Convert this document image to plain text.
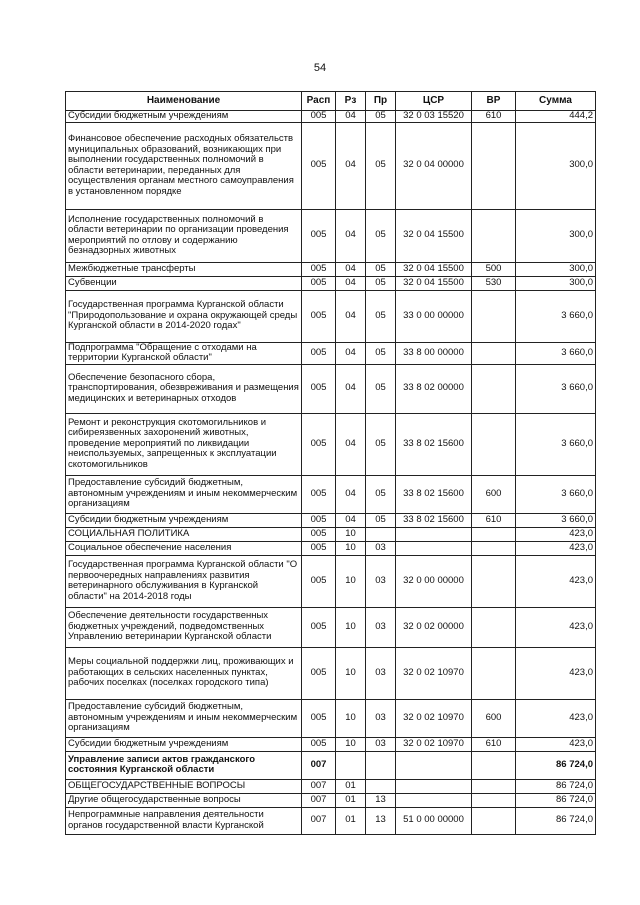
54
Наименование	Расп	Рз	Пр	ЦСР	ВР	Сумма
Субсидии бюджетным учреждениям	005	04	05	32 0 03 15520	610	444,2
Финансовое обеспечение расходных обязательств муниципальных образований, возникающих при выполнении государственных полномочий в области ветеринарии, переданных для осуществления органам местного самоуправления в установленном порядке	005	04	05	32 0 04 00000		300,0
Исполнение государственных полномочий в области ветеринарии по организации проведения мероприятий по отлову и содержанию безнадзорных животных	005	04	05	32 0 04 15500		300,0
Межбюджетные трансферты	005	04	05	32 0 04 15500	500	300,0
Субвенции	005	04	05	32 0 04 15500	530	300,0
Государственная программа Курганской области "Природопользование и охрана окружающей среды Курганской области в 2014-2020 годах"	005	04	05	33 0 00 00000		3 660,0
Подпрограмма "Обращение с отходами на территории Курганской области"	005	04	05	33 8 00 00000		3 660,0
Обеспечение безопасного сбора, транспортирования, обезвреживания и размещения медицинских и ветеринарных отходов	005	04	05	33 8 02 00000		3 660,0
Ремонт и реконструкция скотомогильников и сибиреязвенных захоронений животных, проведение мероприятий по ликвидации неиспользуемых, запрещенных к эксплуатации скотомогильников	005	04	05	33 8 02 15600		3 660,0
Предоставление субсидий бюджетным, автономным учреждениям и иным некоммерческим организациям	005	04	05	33 8 02 15600	600	3 660,0
Субсидии бюджетным учреждениям	005	04	05	33 8 02 15600	610	3 660,0
СОЦИАЛЬНАЯ ПОЛИТИКА	005	10				423,0
Социальное обеспечение населения	005	10	03			423,0
Государственная программа Курганской области "О первоочередных направлениях развития ветеринарного обслуживания в Курганской области" на 2014-2018 годы	005	10	03	32 0 00 00000		423,0
Обеспечение деятельности государственных бюджетных учреждений, подведомственных Управлению ветеринарии Курганской области	005	10	03	32 0 02 00000		423,0
Меры социальной поддержки лиц, проживающих и работающих в сельских населенных пунктах, рабочих поселках (поселках городского типа)	005	10	03	32 0 02 10970		423,0
Предоставление субсидий бюджетным, автономным учреждениям и иным некоммерческим организациям	005	10	03	32 0 02 10970	600	423,0
Субсидии бюджетным учреждениям	005	10	03	32 0 02 10970	610	423,0
Управление записи актов гражданского состояния Курганской области	007					86 724,0
ОБЩЕГОСУДАРСТВЕННЫЕ ВОПРОСЫ	007	01				86 724,0
Другие общегосударственные вопросы	007	01	13			86 724,0
Непрограммные направления деятельности органов государственной власти Курганской	007	01	13	51 0 00 00000		86 724,0
